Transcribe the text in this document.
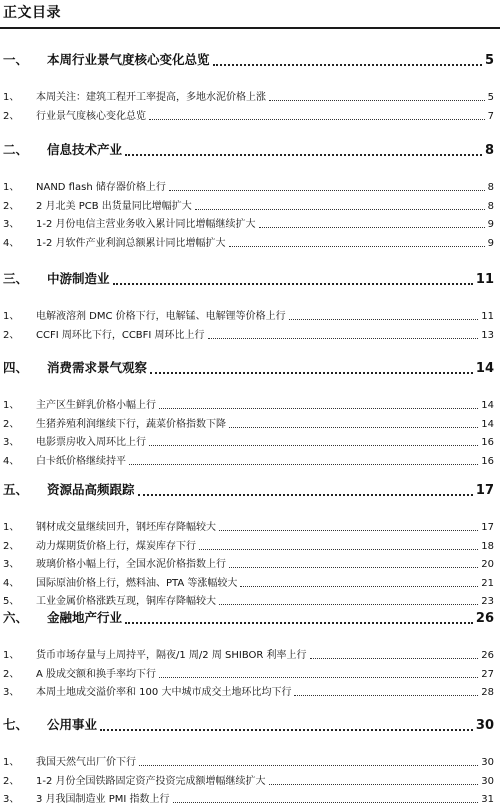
正文目录
一、	本周行业景气度核心变化总览	5
1、	本周关注：建筑工程开工率提高，多地水泥价格上涨	5
2、	行业景气度核心变化总览	7
二、	信息技术产业	8
1、	NAND flash 储存器价格上行	8
2、	2 月北美 PCB 出货量同比增幅扩大	8
3、	1-2 月份电信主营业务收入累计同比增幅继续扩大	9
4、	1-2 月软件产业利润总额累计同比增幅扩大	9
三、	中游制造业	11
1、	电解液溶剂 DMC 价格下行，电解锰、电解锂等价格上行	11
2、	CCFI 周环比下行，CCBFI 周环比上行	13
四、	消费需求景气观察	14
1、	主产区生鲜乳价格小幅上行	14
2、	生猪养殖利润继续下行，蔬菜价格指数下降	14
3、	电影票房收入周环比上行	16
4、	白卡纸价格继续持平	16
五、	资源品高频跟踪	17
1、	钢材成交量继续回升，钢坯库存降幅较大	17
2、	动力煤期货价格上行，煤炭库存下行	18
3、	玻璃价格小幅上行，全国水泥价格指数上行	20
4、	国际原油价格上行，燃料油、PTA 等涨幅较大	21
5、	工业金属价格涨跌互现，铜库存降幅较大	23
六、	金融地产行业	26
1、	货币市场存量与上周持平，隔夜/1 周/2 周 SHIBOR 利率上行	26
2、	A 股成交额和换手率均下行	27
3、	本周土地成交溢价率和 100 大中城市成交土地环比均下行	28
七、	公用事业	30
1、	我国天然气出厂价下行	30
2、	1-2 月份全国铁路固定资产投资完成额增幅继续扩大	30
3、	3 月我国制造业 PMI 指数上行	31
